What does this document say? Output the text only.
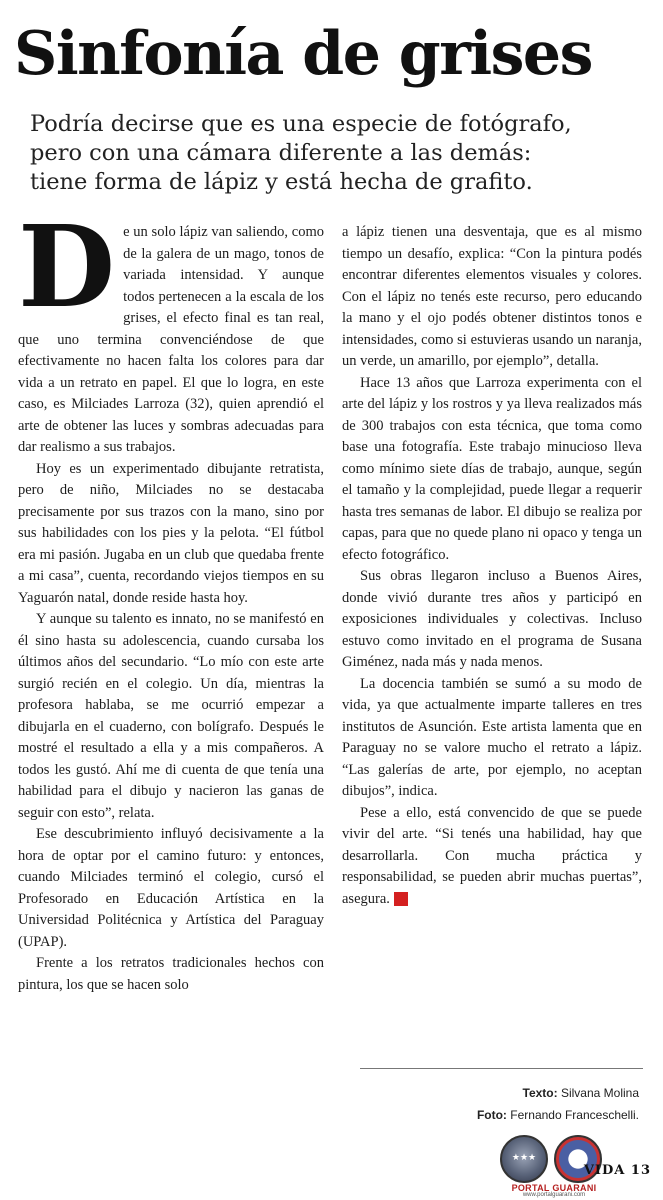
Sinfonía de grises
Podría decirse que es una especie de fotógrafo,
pero con una cámara diferente a las demás:
tiene forma de lápiz y está hecha de grafito.
D e un solo lápiz van saliendo, como de la galera de un mago, tonos de variada intensidad. Y aunque todos pertenecen a la escala de los grises, el efecto final es tan real, que uno termina convenciéndose de que efectivamente no hacen falta los colores para dar vida a un retrato en papel. El que lo logra, en este caso, es Milciades Larroza (32), quien aprendió el arte de obtener las luces y sombras adecuadas para dar realismo a sus trabajos.

Hoy es un experimentado dibujante retratista, pero de niño, Milciades no se destacaba precisamente por sus trazos con la mano, sino por sus habilidades con los pies y la pelota. “El fútbol era mi pasión. Jugaba en un club que quedaba frente a mi casa”, cuenta, recordando viejos tiempos en su Yaguarón natal, donde reside hasta hoy.

Y aunque su talento es innato, no se manifestó en él sino hasta su adolescencia, cuando cursaba los últimos años del secundario. “Lo mío con este arte surgió recién en el colegio. Un día, mientras la profesora hablaba, se me ocurrió empezar a dibujarla en el cuaderno, con bolígrafo. Después le mostré el resultado a ella y a mis compañeros. A todos les gustó. Ahí me di cuenta de que tenía una habilidad para el dibujo y nacieron las ganas de seguir con esto”, relata.

Ese descubrimiento influyó decisivamente a la hora de optar por el camino futuro: y entonces, cuando Milciades terminó el colegio, cursó el Profesorado en Educación Artística en la Universidad Politécnica y Artística del Paraguay (UPAP).

Frente a los retratos tradicionales hechos con pintura, los que se hacen solo

a lápiz tienen una desventaja, que es al mismo tiempo un desafío, explica: “Con la pintura podés encontrar diferentes elementos visuales y colores. Con el lápiz no tenés este recurso, pero educando la mano y el ojo podés obtener distintos tonos e intensidades, como si estuvieras usando un naranja, un verde, un amarillo, por ejemplo”, detalla.

Hace 13 años que Larroza experimenta con el arte del lápiz y los rostros y ya lleva realizados más de 300 trabajos con esta técnica, que toma como base una fotografía. Este trabajo minucioso lleva como mínimo siete días de trabajo, aunque, según el tamaño y la complejidad, puede llegar a requerir hasta tres semanas de labor. El dibujo se realiza por capas, para que no quede plano ni opaco y tenga un efecto fotográfico.

Sus obras llegaron incluso a Buenos Aires, donde vivió durante tres años y participó en exposiciones individuales y colectivas. Incluso estuvo como invitado en el programa de Susana Giménez, nada más y nada menos.

La docencia también se sumó a su modo de vida, ya que actualmente imparte talleres en tres institutos de Asunción. Este artista lamenta que en Paraguay no se valore mucho el retrato a lápiz. “Las galerías de arte, por ejemplo, no aceptan dibujos”, indica.

Pese a ello, está convencido de que se puede vivir del arte. “Si tenés una habilidad, hay que desarrollarla. Con mucha práctica y responsabilidad, se pueden abrir muchas puertas”, asegura. V

Texto: Silvana Molina
Foto: Fernando Franceschelli.
★★★
PORTAL GUARANI
www.portalguarani.com
VIDA 13
